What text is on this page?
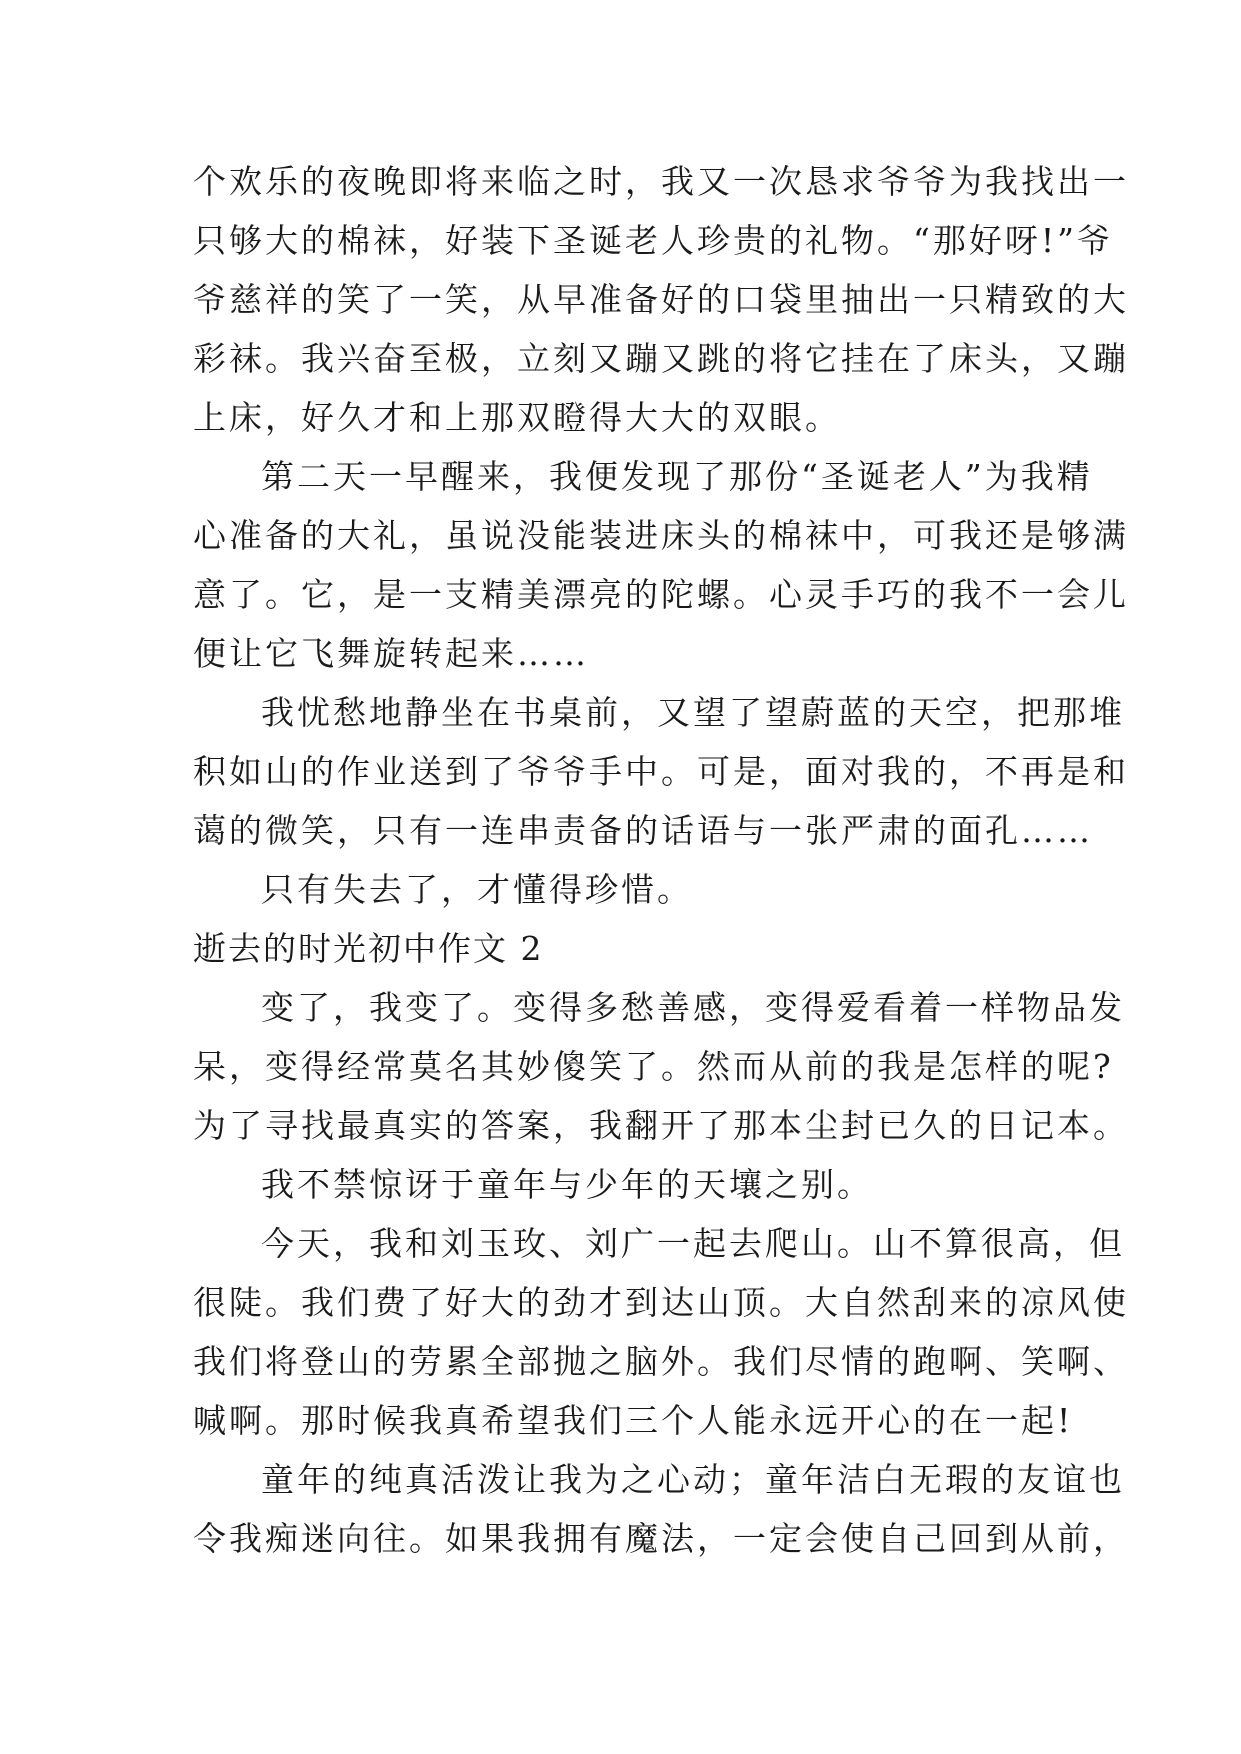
个欢乐的夜晚即将来临之时，我又一次恳求爷爷为我找出一

只够大的棉袜，好装下圣诞老人珍贵的礼物。“那好呀!”爷

爷慈祥的笑了一笑，从早准备好的口袋里抽出一只精致的大

彩袜。我兴奋至极，立刻又蹦又跳的将它挂在了床头，又蹦

上床，好久才和上那双瞪得大大的双眼。

第二天一早醒来，我便发现了那份“圣诞老人”为我精

心准备的大礼，虽说没能装进床头的棉袜中，可我还是够满

意了。它，是一支精美漂亮的陀螺。心灵手巧的我不一会儿

便让它飞舞旋转起来……

我忧愁地静坐在书桌前，又望了望蔚蓝的天空，把那堆

积如山的作业送到了爷爷手中。可是，面对我的，不再是和

蔼的微笑，只有一连串责备的话语与一张严肃的面孔……

只有失去了，才懂得珍惜。

逝去的时光初中作文 2

变了，我变了。变得多愁善感，变得爱看着一样物品发

呆，变得经常莫名其妙傻笑了。然而从前的我是怎样的呢?

为了寻找最真实的答案，我翻开了那本尘封已久的日记本。

我不禁惊讶于童年与少年的天壤之别。

今天，我和刘玉玫、刘广一起去爬山。山不算很高，但

很陡。我们费了好大的劲才到达山顶。大自然刮来的凉风使

我们将登山的劳累全部抛之脑外。我们尽情的跑啊、笑啊、

喊啊。那时候我真希望我们三个人能永远开心的在一起!

童年的纯真活泼让我为之心动；童年洁白无瑕的友谊也

令我痴迷向往。如果我拥有魔法，一定会使自己回到从前，
